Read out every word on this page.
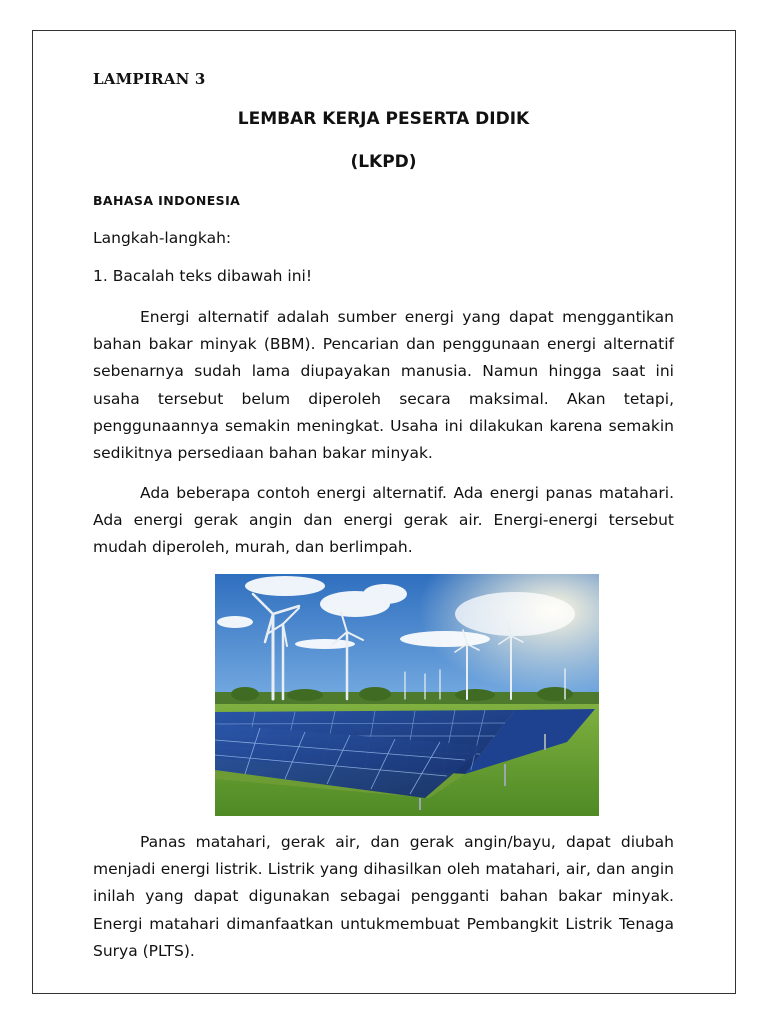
LAMPIRAN 3
LEMBAR KERJA PESERTA DIDIK
(LKPD)
BAHASA INDONESIA
Langkah-langkah:
1. Bacalah teks dibawah ini!

Energi alternatif adalah sumber energi yang dapat menggantikan bahan bakar minyak (BBM). Pencarian dan penggunaan energi alternatif sebenarnya sudah lama diupayakan manusia. Namun hingga saat ini usaha tersebut belum diperoleh secara maksimal. Akan tetapi, penggunaannya semakin meningkat. Usaha ini dilakukan karena semakin sedikitnya persediaan bahan bakar minyak.

Ada beberapa contoh energi alternatif. Ada energi panas matahari. Ada energi gerak angin dan energi gerak air. Energi-energi tersebut mudah diperoleh, murah, dan berlimpah.

Panas matahari, gerak air, dan gerak angin/bayu, dapat diubah menjadi energi listrik. Listrik yang dihasilkan oleh matahari, air, dan angin inilah yang dapat digunakan sebagai pengganti bahan bakar minyak. Energi matahari dimanfaatkan untukmembuat Pembangkit Listrik Tenaga Surya (PLTS).
